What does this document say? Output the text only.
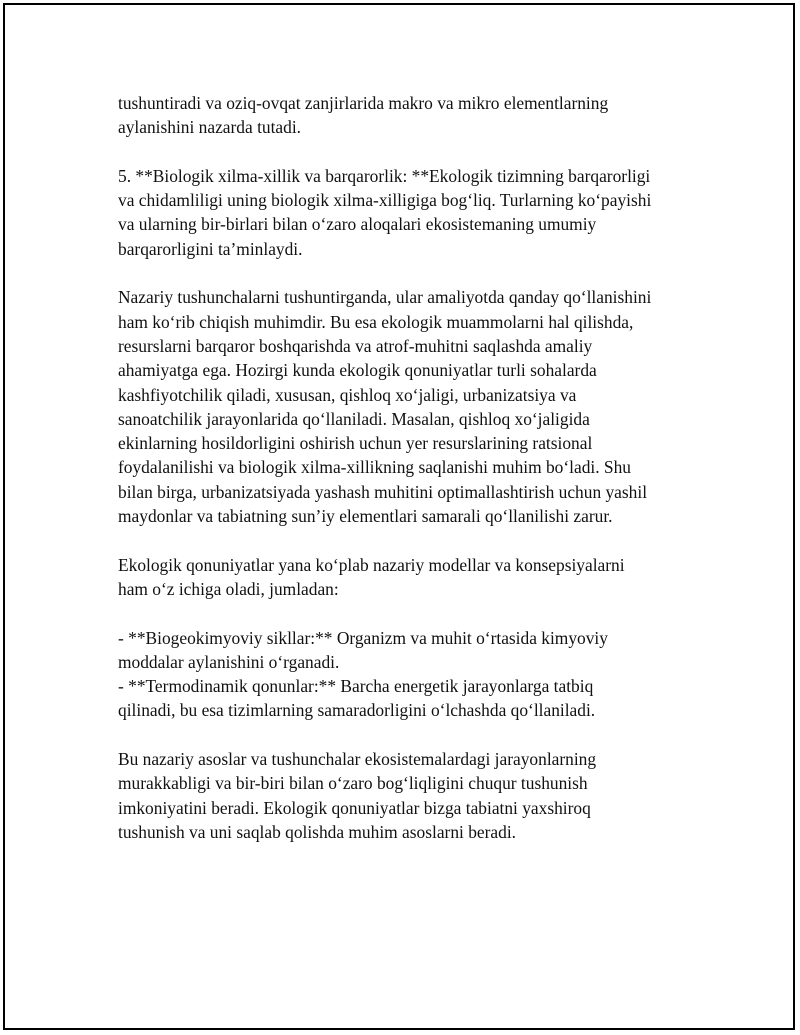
tushuntiradi va oziq-ovqat zanjirlarida makro va mikro elementlarning
aylanishini nazarda tutadi.

5. **Biologik xilma-xillik va barqarorlik: **Ekologik tizimning barqarorligi
va chidamliligi uning biologik xilma-xilligiga bog‘liq. Turlarning ko‘payishi
va ularning bir-birlari bilan o‘zaro aloqalari ekosistemaning umumiy
barqarorligini ta’minlaydi.

Nazariy tushunchalarni tushuntirganda, ular amaliyotda qanday qo‘llanishini
ham ko‘rib chiqish muhimdir. Bu esa ekologik muammolarni hal qilishda,
resurslarni barqaror boshqarishda va atrof-muhitni saqlashda amaliy
ahamiyatga ega. Hozirgi kunda ekologik qonuniyatlar turli sohalarda
kashfiyotchilik qiladi, xususan, qishloq xo‘jaligi, urbanizatsiya va
sanoatchilik jarayonlarida qo‘llaniladi. Masalan, qishloq xo‘jaligida
ekinlarning hosildorligini oshirish uchun yer resurslarining ratsional
foydalanilishi va biologik xilma-xillikning saqlanishi muhim bo‘ladi. Shu
bilan birga, urbanizatsiyada yashash muhitini optimallashtirish uchun yashil
maydonlar va tabiatning sun’iy elementlari samarali qo‘llanilishi zarur.

Ekologik qonuniyatlar yana ko‘plab nazariy modellar va konsepsiyalarni
ham o‘z ichiga oladi, jumladan:

- **Biogeokimyoviy sikllar:** Organizm va muhit o‘rtasida kimyoviy
moddalar aylanishini o‘rganadi.

- **Termodinamik qonunlar:** Barcha energetik jarayonlarga tatbiq
qilinadi, bu esa tizimlarning samaradorligini o‘lchashda qo‘llaniladi.

Bu nazariy asoslar va tushunchalar ekosistemalardagi jarayonlarning
murakkabligi va bir-biri bilan o‘zaro bog‘liqligini chuqur tushunish
imkoniyatini beradi. Ekologik qonuniyatlar bizga tabiatni yaxshiroq
tushunish va uni saqlab qolishda muhim asoslarni beradi.
